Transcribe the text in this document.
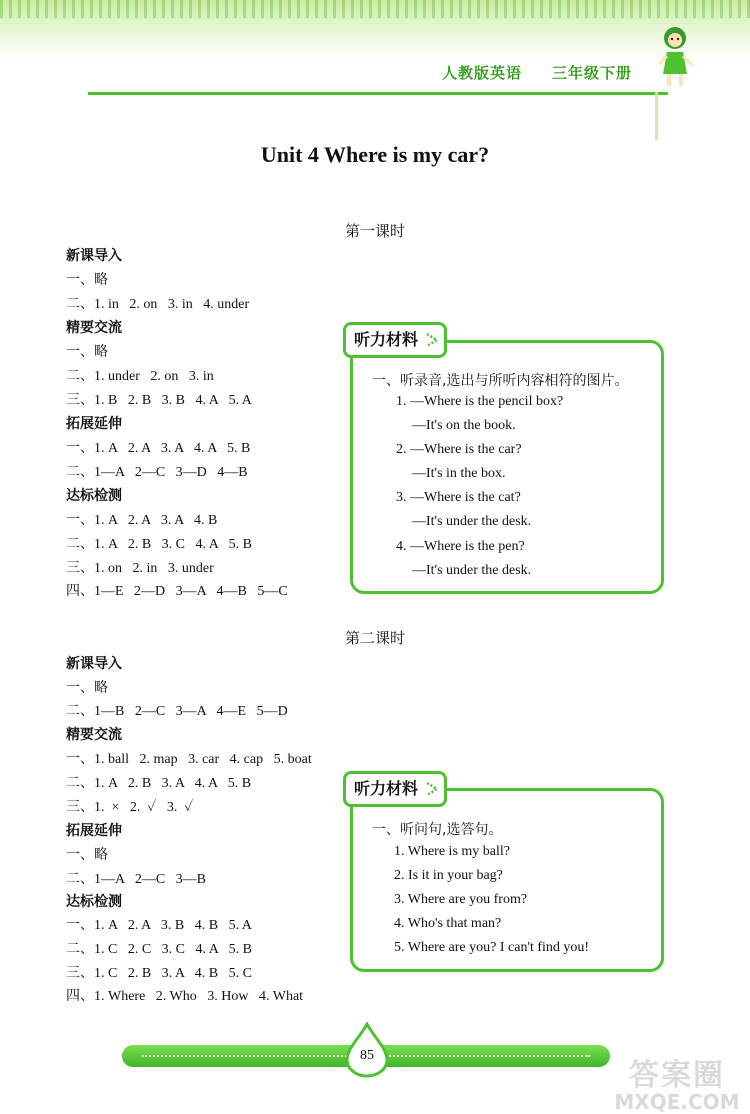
人教版英语 三年级下册
Unit 4 Where is my car?
第一课时
新课导入
一、略
二、1. in   2. on   3. in   4. under
精要交流
一、略
二、1. under   2. on   3. in
三、1. B   2. B   3. B   4. A   5. A
拓展延伸
一、1. A   2. A   3. A   4. A   5. B
二、1—A   2—C   3—D   4—B
达标检测
一、1. A   2. A   3. A   4. B
二、1. A   2. B   3. C   4. A   5. B
三、1. on   2. in   3. under
四、1—E   2—D   3—A   4—B   5—C
听力材料
一、听录音,选出与所听内容相符的图片。
1. —Where is the pencil box?
—It's on the book.
2. —Where is the car?
—It's in the box.
3. —Where is the cat?
—It's under the desk.
4. —Where is the pen?
—It's under the desk.
第二课时
新课导入
一、略
二、1—B   2—C   3—A   4—E   5—D
精要交流
一、1. ball   2. map   3. car   4. cap   5. boat
二、1. A   2. B   3. A   4. A   5. B
三、1.  ×   2.  ✓   3.  ✓
拓展延伸
一、略
二、1—A   2—C   3—B
达标检测
一、1. A   2. A   3. B   4. B   5. A
二、1. C   2. C   3. C   4. A   5. B
三、1. C   2. B   3. A   4. B   5. C
四、1. Where   2. Who   3. How   4. What
听力材料
一、听问句,选答句。
1. Where is my ball?
2. Is it in your bag?
3. Where are you from?
4. Who's that man?
5. Where are you? I can't find you!
85
答案圈
MXQE.COM
